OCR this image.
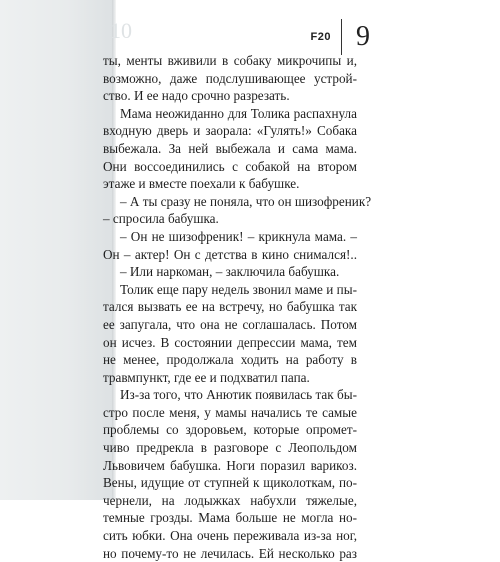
10	F20 9
ты, менты вживили в собаку микрочипы и,
возможно, даже подслушивающее устрой-
ство. И ее надо срочно разрезать.
Мама неожиданно для Толика распахнула
входную дверь и заорала: «Гулять!» Собака
выбежала. За ней выбежала и сама мама.
Они воссоединились с собакой на втором
этаже и вместе поехали к бабушке.
– А ты сразу не поняла, что он шизофреник?
– спросила бабушка.
– Он не шизофреник! – крикнула мама. –
Он – актер! Он с детства в кино снимался!..
– Или наркоман, – заключила бабушка.
Толик еще пару недель звонил маме и пы-
тался вызвать ее на встречу, но бабушка так
ее запугала, что она не соглашалась. Потом
он исчез. В состоянии депрессии мама, тем
не менее, продолжала ходить на работу в
травмпункт, где ее и подхватил папа.
Из-за того, что Анютик появилась так бы-
стро после меня, у мамы начались те самые
проблемы со здоровьем, которые опромет-
чиво предрекла в разговоре с Леопольдом
Львовичем бабушка. Ноги поразил варикоз.
Вены, идущие от ступней к щиколоткам, по-
чернели, на лодыжках набухли тяжелые,
темные грозды. Мама больше не могла но-
сить юбки. Она очень переживала из-за ног,
но почему-то не лечилась. Ей несколько раз
